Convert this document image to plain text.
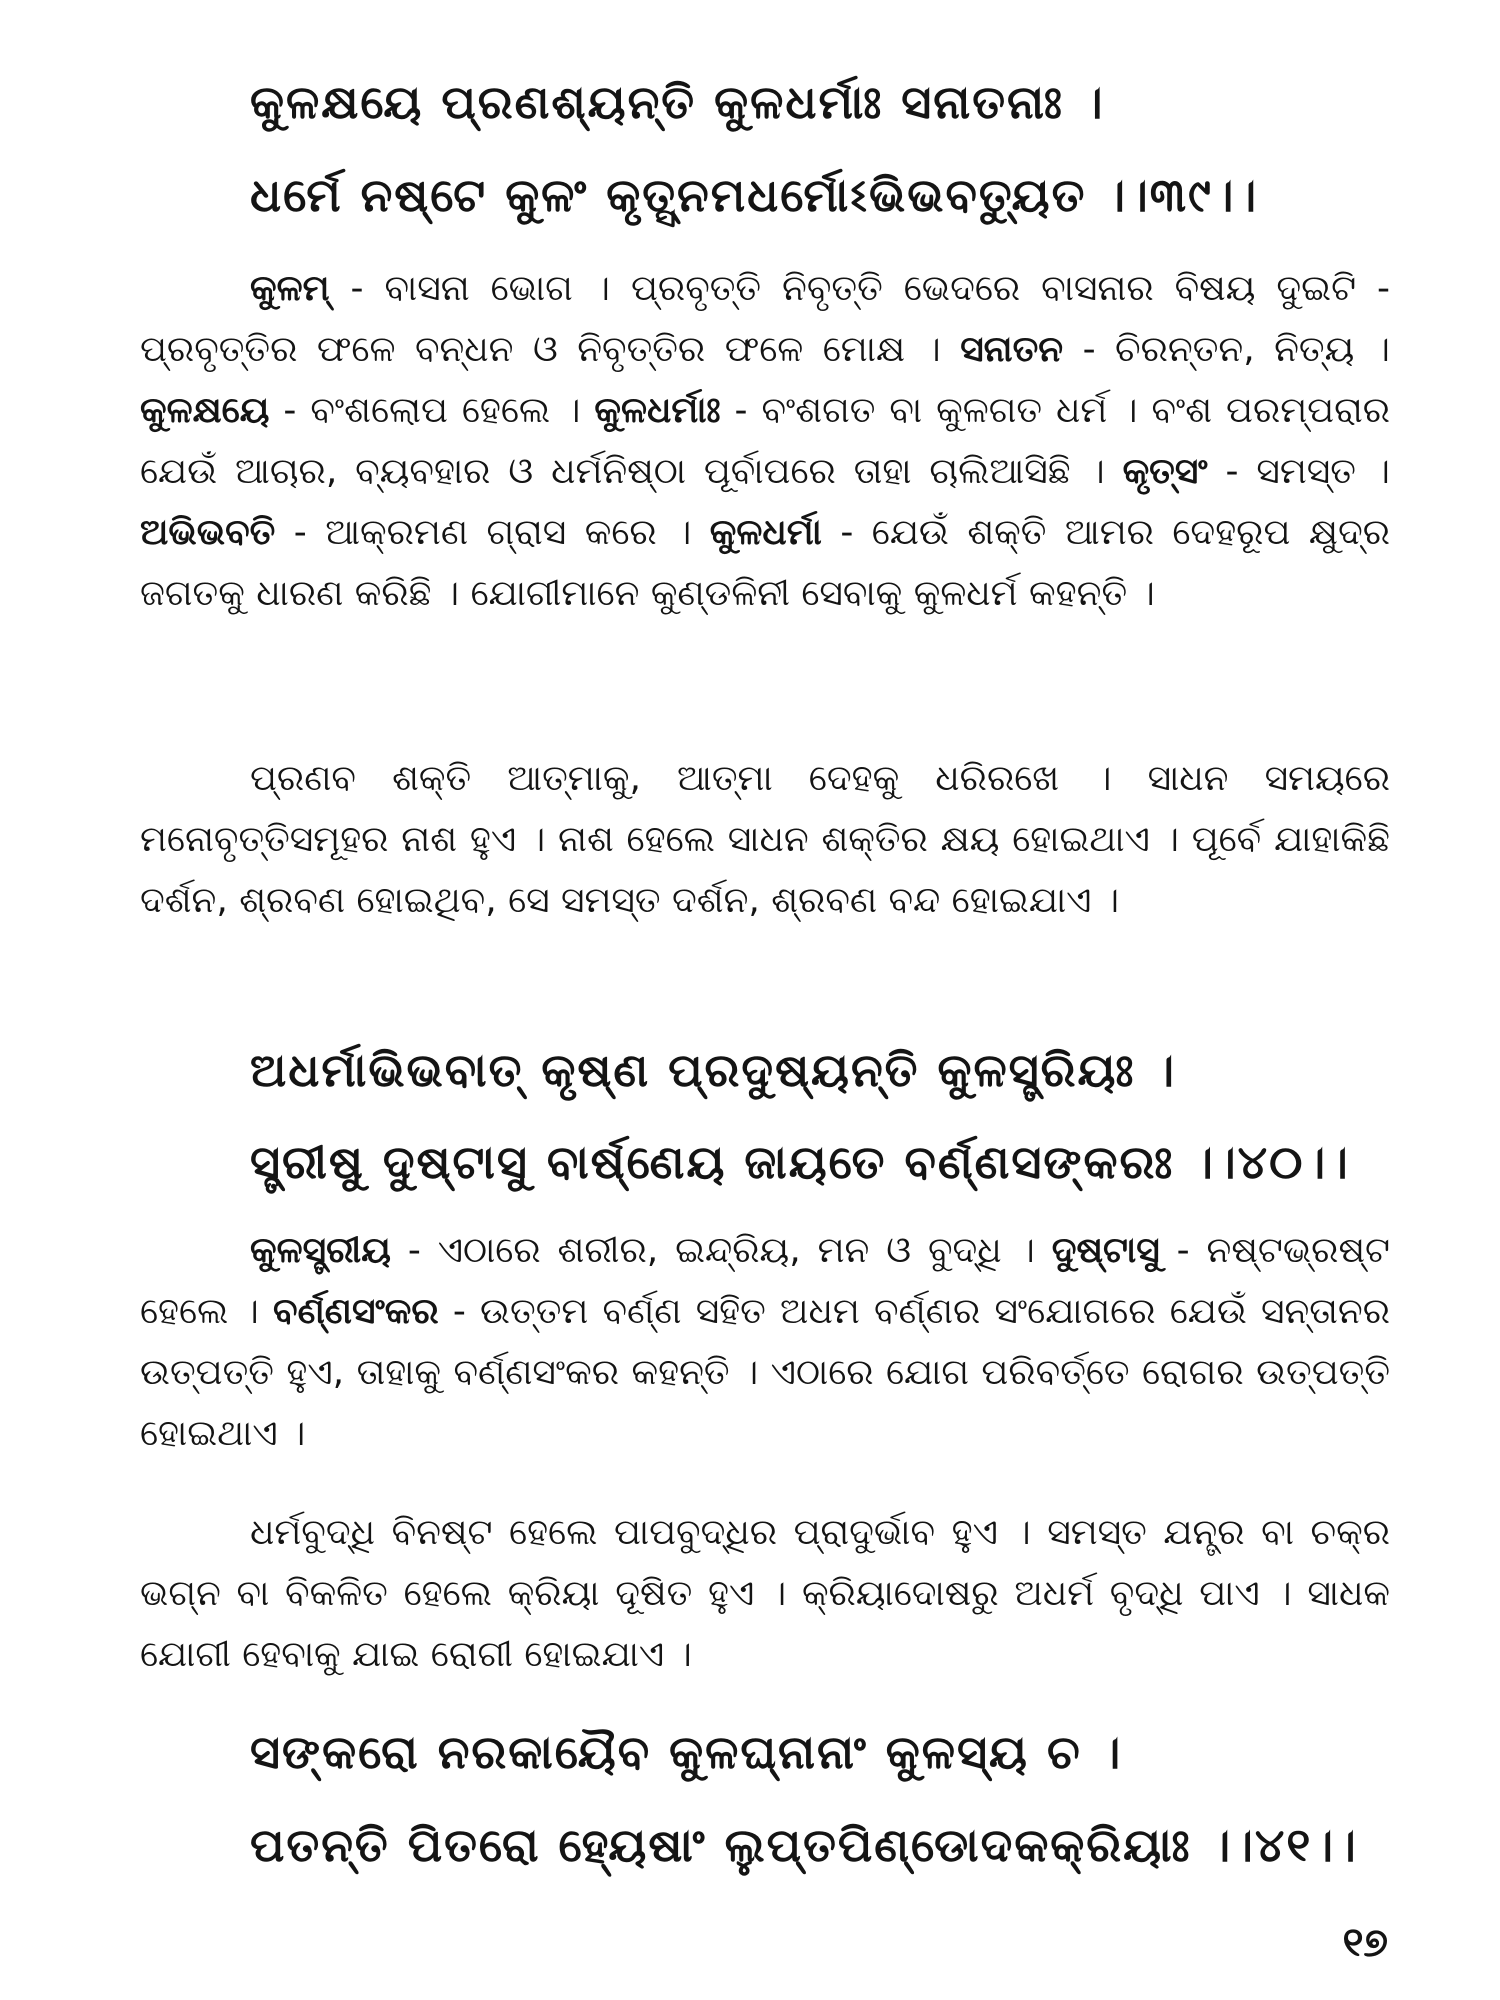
କୁଳକ୍ଷୟେ ପ୍ରଣଶ୍ୟନ୍ତି କୁଳଧର୍ମାଃ ସନାତନାଃ ।
ଧର୍ମେ ନଷ୍ଟେ କୁଳଂ କୃତ୍ସ୍ନମଧର୍ମୋଽଭିଭବତ୍ୟୁତ ।।୩୯।।
କୁଳମ୍ - ବାସନା ଭୋଗ । ପ୍ରବୃତ୍ତି ନିବୃତ୍ତି ଭେଦରେ ବାସନାର ବିଷୟ ଦୁଇଟି - ପ୍ରବୃତ୍ତିର ଫଳେ ବନ୍ଧନ ଓ ନିବୃତ୍ତିର ଫଳେ ମୋକ୍ଷ । ସନାତନ - ଚିରନ୍ତନ, ନିତ୍ୟ । କୁଳକ୍ଷୟେ - ବଂଶଲୋପ ହେଲେ । କୁଳଧର୍ମାଃ - ବଂଶଗତ ବା କୁଳଗତ ଧର୍ମ । ବଂଶ ପରମ୍ପରାର ଯେଉଁ ଆଚାର, ବ୍ୟବହାର ଓ ଧର୍ମନିଷ୍ଠା ପୂର୍ବାପରେ ତାହା ଚାଲିଆସିଛି । କୃତ୍ସଂ - ସମସ୍ତ । ଅଭିଭବତି - ଆକ୍ରମଣ ଗ୍ରାସ କରେ । କୁଳଧର୍ମା - ଯେଉଁ ଶକ୍ତି ଆମର ଦେହରୂପ କ୍ଷୁଦ୍ର ଜଗତକୁ ଧାରଣ କରିଛି । ଯୋଗୀମାନେ କୁଣ୍ଡଳିନୀ ସେବାକୁ କୁଳଧର୍ମ କହନ୍ତି ।
ପ୍ରଣବ ଶକ୍ତି ଆତ୍ମାକୁ, ଆତ୍ମା ଦେହକୁ ଧରିରଖେ । ସାଧନ ସମୟରେ ମନୋବୃତ୍ତିସମୂହର ନାଶ ହୁଏ । ନାଶ ହେଲେ ସାଧନ ଶକ୍ତିର କ୍ଷୟ ହୋଇଥାଏ । ପୂର୍ବେ ଯାହାକିଛି ଦର୍ଶନ, ଶ୍ରବଣ ହୋଇଥିବ, ସେ ସମସ୍ତ ଦର୍ଶନ, ଶ୍ରବଣ ବନ୍ଦ ହୋଇଯାଏ ।
ଅଧର୍ମାଭିଭବାତ୍ କୃଷ୍ଣ ପ୍ରଦୁଷ୍ୟନ୍ତି କୁଳସ୍ତ୍ରିୟଃ ।
ସ୍ତ୍ରୀଷୁ ଦୁଷ୍ଟାସୁ ବାର୍ଷ୍ଣେୟ ଜାୟତେ ବର୍ଣ୍ଣସଙ୍କରଃ ।।୪୦।।
କୁଳସ୍ତ୍ରୀୟ - ଏଠାରେ ଶରୀର, ଇନ୍ଦ୍ରିୟ, ମନ ଓ ବୁଦ୍ଧି । ଦୁଷ୍ଟାସୁ - ନଷ୍ଟଭ୍ରଷ୍ଟ ହେଲେ । ବର୍ଣ୍ଣସଂକର - ଉତ୍ତମ ବର୍ଣ୍ଣ ସହିତ ଅଧମ ବର୍ଣ୍ଣର ସଂଯୋଗରେ ଯେଉଁ ସନ୍ତାନର ଉତ୍ପତ୍ତି ହୁଏ, ତାହାକୁ ବର୍ଣ୍ଣସଂକର କହନ୍ତି । ଏଠାରେ ଯୋଗ ପରିବର୍ତ୍ତେ ରୋଗର ଉତ୍ପତ୍ତି ହୋଇଥାଏ ।
ଧର୍ମବୁଦ୍ଧି ବିନଷ୍ଟ ହେଲେ ପାପବୁଦ୍ଧିର ପ୍ରାଦୁର୍ଭାବ ହୁଏ । ସମସ୍ତ ଯନ୍ତ୍ର ବା ଚକ୍ର ଭଗ୍ନ ବା ବିକଳିତ ହେଲେ କ୍ରିୟା ଦୂଷିତ ହୁଏ । କ୍ରିୟାଦୋଷରୁ ଅଧର୍ମ ବୃଦ୍ଧି ପାଏ । ସାଧକ ଯୋଗୀ ହେବାକୁ ଯାଇ ରୋଗୀ ହୋଇଯାଏ ।
ସଙ୍କରୋ ନରକାୟୈବ କୁଳଘ୍ନାନାଂ କୁଳସ୍ୟ ଚ ।
ପତନ୍ତି ପିତରୋ ହ୍ୟେଷାଂ ଲୁପ୍ତପିଣ୍ଡୋଦକକ୍ରିୟାଃ ।।୪୧।।
୧୭
